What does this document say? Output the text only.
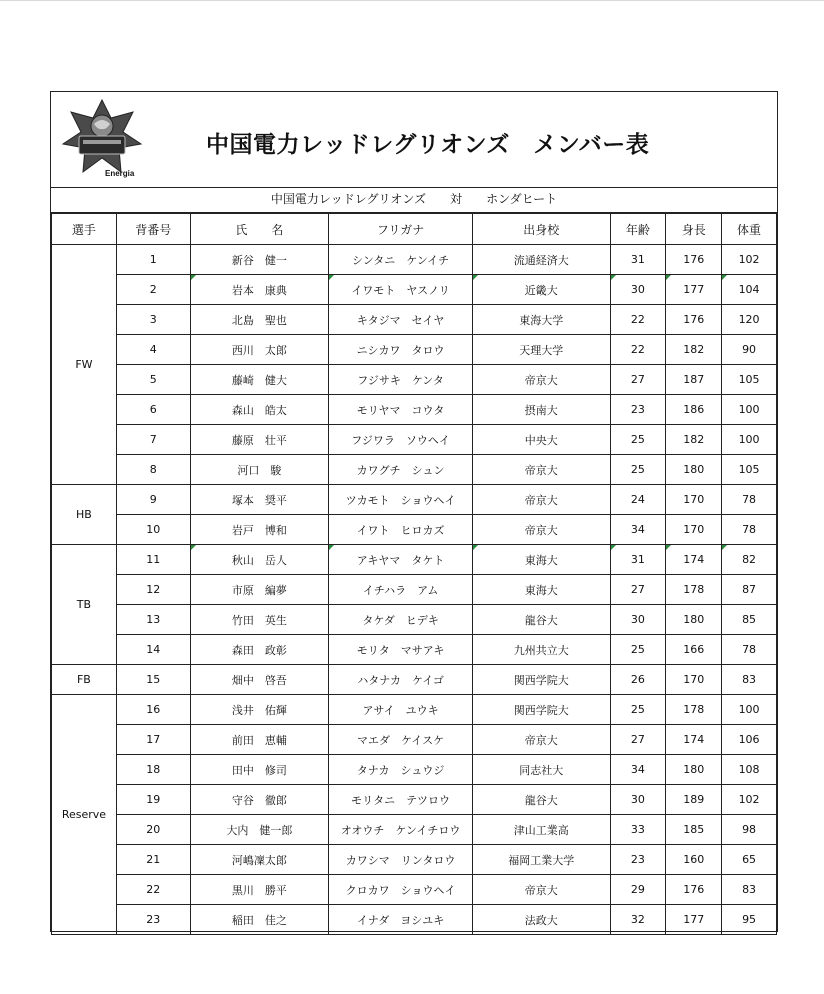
Energia
中国電力レッドレグリオンズ　メンバー表
中国電力レッドレグリオンズ 対 ホンダヒート
選手	背番号	氏　　名	フリガナ	出身校	年齢	身長	体重
FW	1	新谷　健一	シンタニ　ケンイチ	流通経済大	31	176	102
	2	岩本　康典	イワモト　ヤスノリ	近畿大	30	177	104

	3	北島　聖也	キタジマ　セイヤ	東海大学	22	176	120
	4	西川　太郎	ニシカワ　タロウ	天理大学	22	182	90
	5	藤崎　健大	フジサキ　ケンタ	帝京大	27	187	105
	6	森山　皓太	モリヤマ　コウタ	摂南大	23	186	100
	7	藤原　壮平	フジワラ　ソウヘイ	中央大	25	182	100
	8	河口　駿	カワグチ　シュン	帝京大	25	180	105
HB	9	塚本　奨平	ツカモト　ショウヘイ	帝京大	24	170	78
	10	岩戸　博和	イワト　ヒロカズ	帝京大	34	170	78
TB	11	秋山　岳人	アキヤマ　タケト	東海大	31	174	82

	12	市原　編夢	イチハラ　アム	東海大	27	178	87
	13	竹田　英生	タケダ　ヒデキ	龍谷大	30	180	85
	14	森田　政彰	モリタ　マサアキ	九州共立大	25	166	78
FB	15	畑中　啓吾	ハタナカ　ケイゴ	関西学院大	26	170	83
Reserve	16	浅井　佑輝	アサイ　ユウキ	関西学院大	25	178	100
	17	前田　恵輔	マエダ　ケイスケ	帝京大	27	174	106
	18	田中　修司	タナカ　シュウジ	同志社大	34	180	108
	19	守谷　徹郎	モリタニ　テツロウ	龍谷大	30	189	102
	20	大内　健一郎	オオウチ　ケンイチロウ	津山工業高	33	185	98
	21	河嶋凜太郎	カワシマ　リンタロウ	福岡工業大学	23	160	65
	22	黒川　勝平	クロカワ　ショウヘイ	帝京大	29	176	83
	23	稲田　佳之	イナダ　ヨシユキ	法政大	32	177	95
